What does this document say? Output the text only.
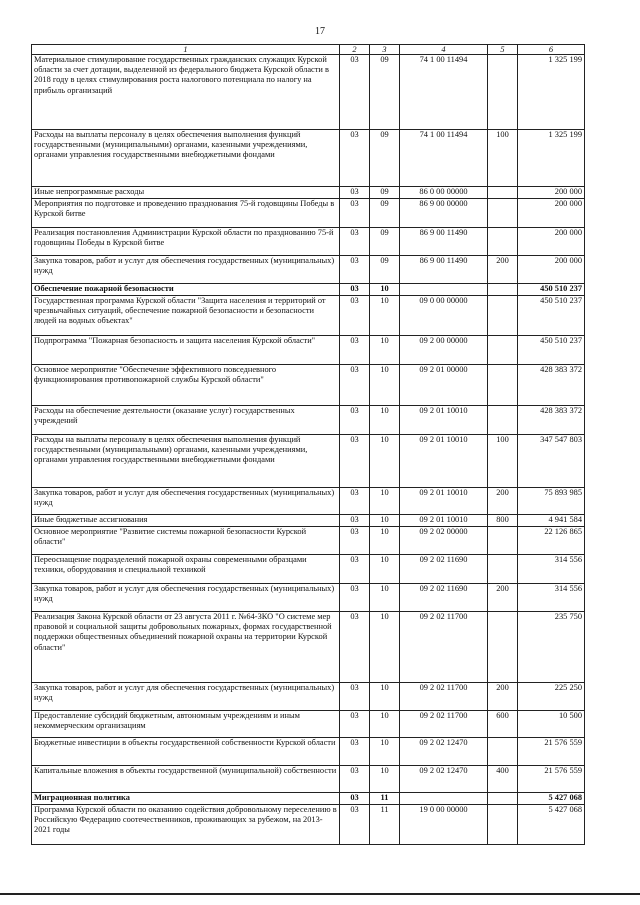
17
1	2	3	4	5	6
Материальное стимулирование государственных гражданских служащих Курской области за счет дотации, выделенной из федерального бюджета Курской области в 2018 году в целях стимулирования роста налогового потенциала по налогу на прибыль организаций	03	09	74 1 00 11494		1 325 199
Расходы на выплаты персоналу в целях обеспечения выполнения функций государственными (муниципальными) органами, казенными учреждениями, органами управления государственными внебюджетными фондами	03	09	74 1 00 11494	100	1 325 199
Иные непрограммные расходы	03	09	86 0 00 00000		200 000
Мероприятия по подготовке и проведению празднования 75-й годовщины Победы в Курской битве	03	09	86 9 00 00000		200 000
Реализация постановления Администрации Курской области по празднованию 75-й годовщины Победы в Курской битве	03	09	86 9 00 11490		200 000
Закупка товаров, работ и услуг для обеспечения государственных (муниципальных) нужд	03	09	86 9 00 11490	200	200 000
Обеспечение пожарной безопасности	03	10			450 510 237
Государственная программа Курской области "Защита населения и территорий от чрезвычайных ситуаций, обеспечение пожарной безопасности и безопасности людей на водных объектах"	03	10	09 0 00 00000		450 510 237
Подпрограмма "Пожарная безопасность и защита населения Курской области"	03	10	09 2 00 00000		450 510 237
Основное мероприятие "Обеспечение эффективного повседневного функционирования противопожарной службы Курской области"	03	10	09 2 01 00000		428 383 372
Расходы на обеспечение деятельности (оказание услуг) государственных учреждений	03	10	09 2 01 10010		428 383 372
Расходы на выплаты персоналу в целях обеспечения выполнения функций государственными (муниципальными) органами, казенными учреждениями, органами управления государственными внебюджетными фондами	03	10	09 2 01 10010	100	347 547 803
Закупка товаров, работ и услуг для обеспечения государственных (муниципальных) нужд	03	10	09 2 01 10010	200	75 893 985
Иные бюджетные ассигнования	03	10	09 2 01 10010	800	4 941 584
Основное мероприятие "Развитие системы пожарной безопасности Курской области"	03	10	09 2 02 00000		22 126 865
Переоснащение подразделений пожарной охраны современными образцами техники, оборудования и специальной техникой	03	10	09 2 02 11690		314 556
Закупка товаров, работ и услуг для обеспечения государственных (муниципальных) нужд	03	10	09 2 02 11690	200	314 556
Реализация Закона Курской области от 23 августа 2011 г. №64-ЗКО "О системе мер правовой и социальной защиты добровольных пожарных, формах государственной поддержки общественных объединений пожарной охраны на территории Курской области"	03	10	09 2 02 11700		235 750
Закупка товаров, работ и услуг для обеспечения государственных (муниципальных) нужд	03	10	09 2 02 11700	200	225 250
Предоставление субсидий бюджетным, автономным учреждениям и иным некоммерческим организациям	03	10	09 2 02 11700	600	10 500
Бюджетные инвестиции в объекты государственной собственности Курской области	03	10	09 2 02 12470		21 576 559
Капитальные вложения в объекты государственной (муниципальной) собственности	03	10	09 2 02 12470	400	21 576 559
Миграционная политика	03	11			5 427 068
Программа Курской области по оказанию содействия добровольному переселению в Российскую Федерацию соотечественников, проживающих за рубежом, на 2013-2021 годы	03	11	19 0 00 00000		5 427 068
